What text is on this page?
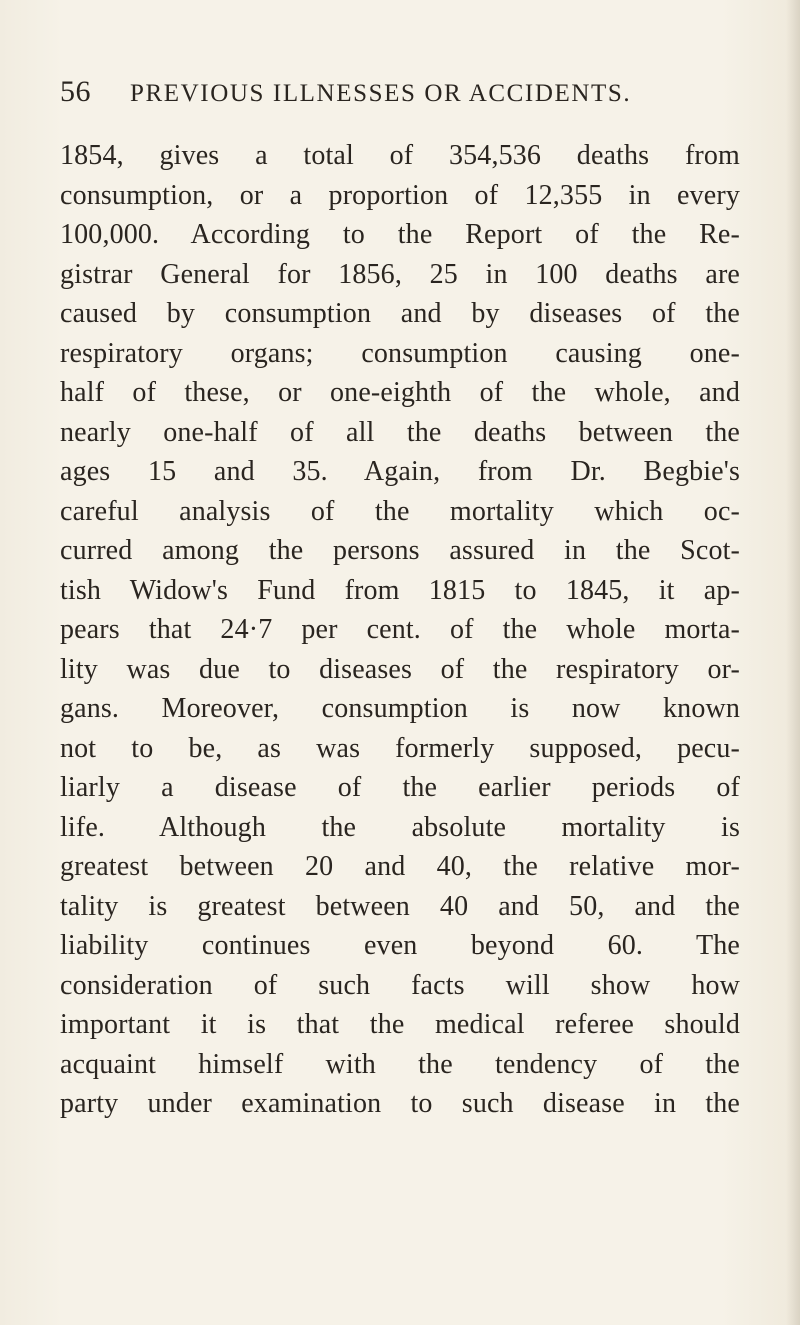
56 PREVIOUS ILLNESSES OR ACCIDENTS.
1854, gives a total of 354,536 deaths from
consumption, or a proportion of 12,355 in every
100,000. According to the Report of the Re-
gistrar General for 1856, 25 in 100 deaths are
caused by consumption and by diseases of the
respiratory organs; consumption causing one-
half of these, or one-eighth of the whole, and
nearly one-half of all the deaths between the
ages 15 and 35. Again, from Dr. Begbie's
careful analysis of the mortality which oc-
curred among the persons assured in the Scot-
tish Widow's Fund from 1815 to 1845, it ap-
pears that 24·7 per cent. of the whole morta-
lity was due to diseases of the respiratory or-
gans. Moreover, consumption is now known
not to be, as was formerly supposed, pecu-
liarly a disease of the earlier periods of
life. Although the absolute mortality is
greatest between 20 and 40, the relative mor-
tality is greatest between 40 and 50, and the
liability continues even beyond 60. The
consideration of such facts will show how
important it is that the medical referee should
acquaint himself with the tendency of the
party under examination to such disease in the
